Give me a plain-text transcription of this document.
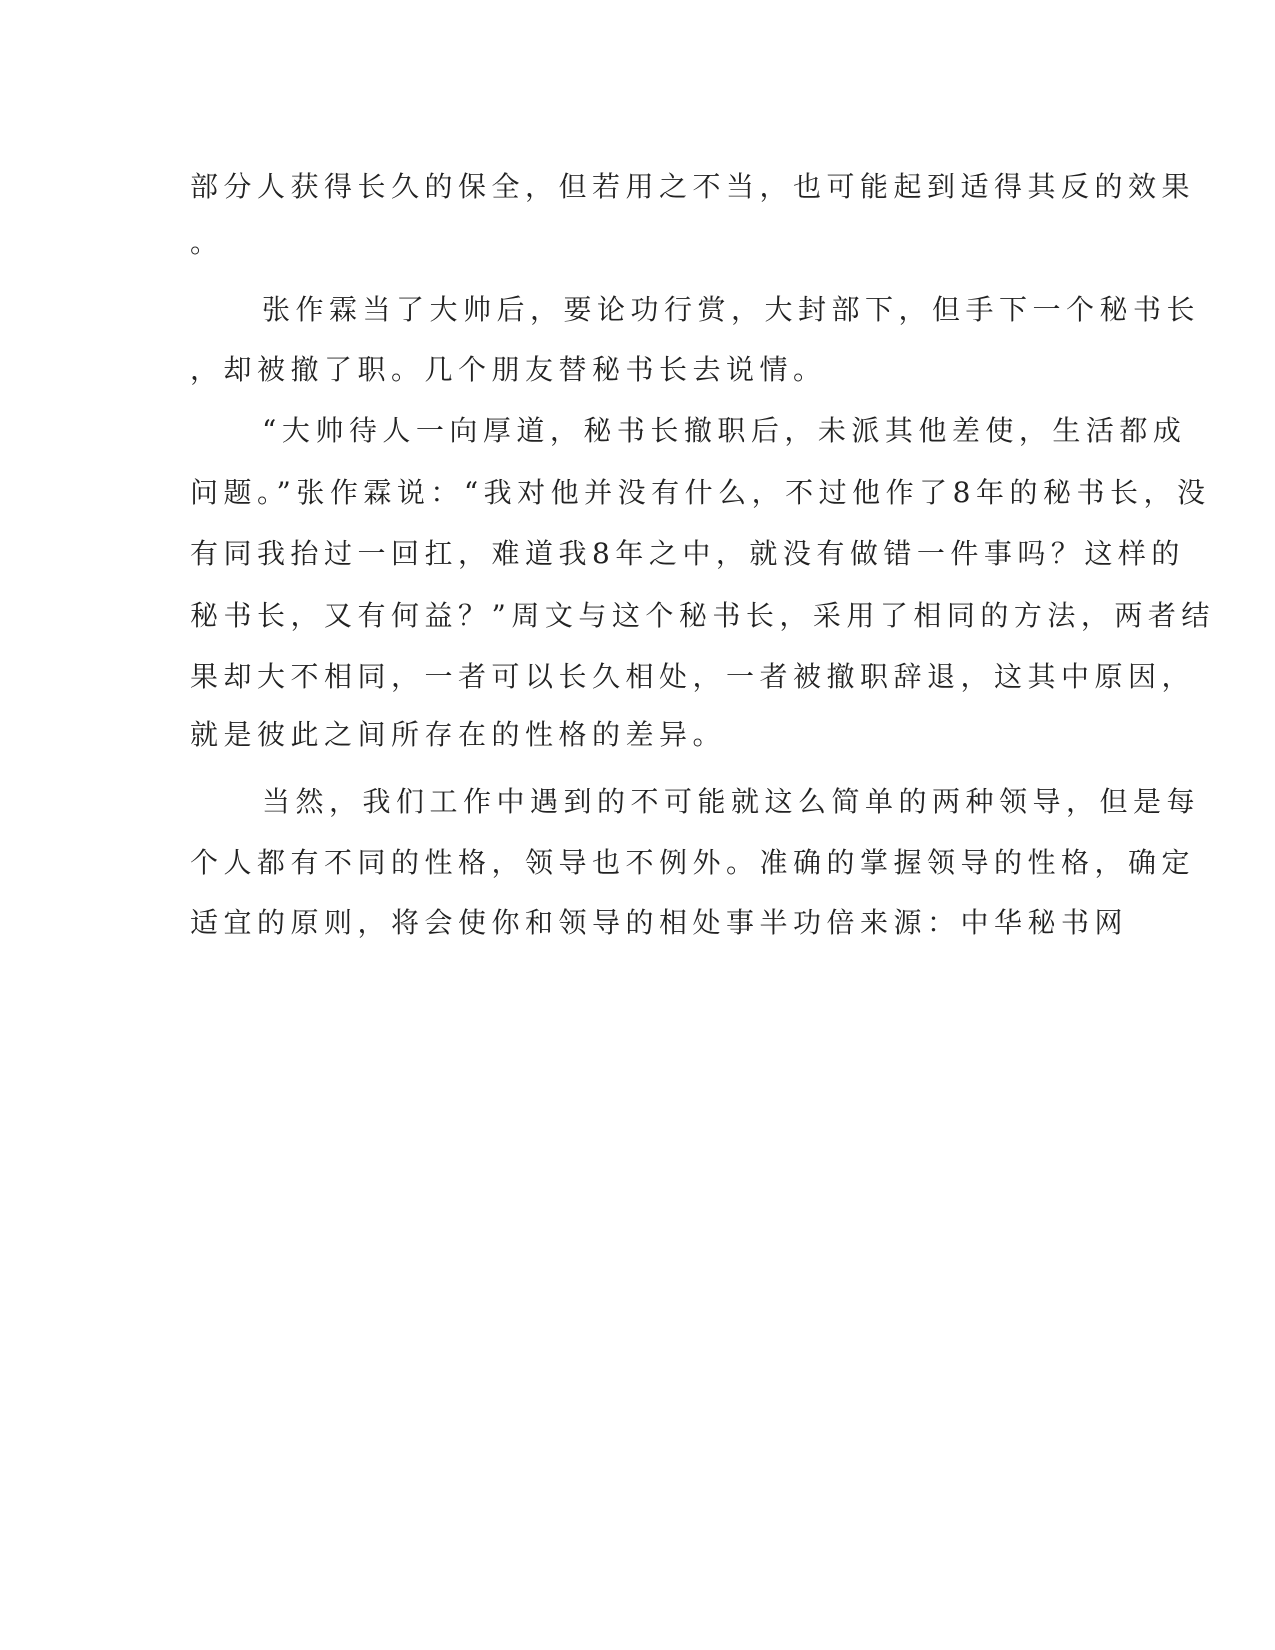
部分人获得长久的保全，但若用之不当，也可能起到适得其反的效果
。
张作霖当了大帅后，要论功行赏，大封部下，但手下一个秘书长
，却被撤了职。几个朋友替秘书长去说情。
“大帅待人一向厚道，秘书长撤职后，未派其他差使，生活都成
问题。”张作霖说：“我对他并没有什么，不过他作了8年的秘书长，没
有同我抬过一回扛，难道我8年之中，就没有做错一件事吗？这样的
秘书长，又有何益？”周文与这个秘书长，采用了相同的方法，两者结
果却大不相同，一者可以长久相处，一者被撤职辞退，这其中原因，
就是彼此之间所存在的性格的差异。
当然，我们工作中遇到的不可能就这么简单的两种领导，但是每
个人都有不同的性格，领导也不例外。准确的掌握领导的性格，确定
适宜的原则，将会使你和领导的相处事半功倍来源：中华秘书网
